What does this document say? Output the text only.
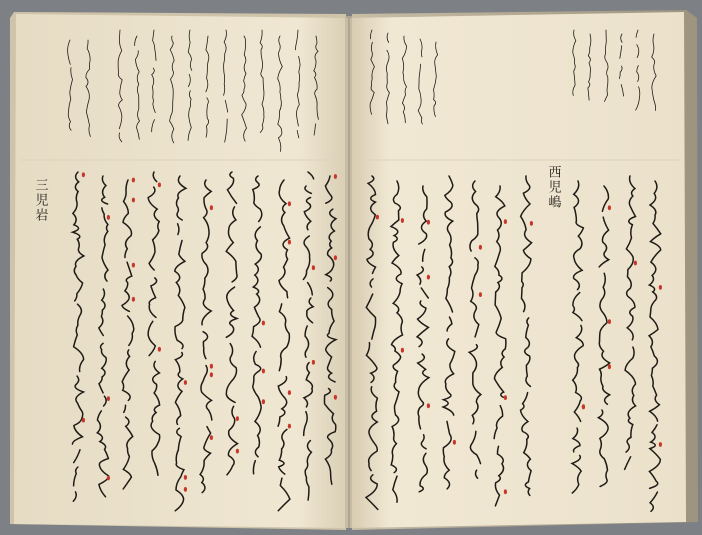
三児岩	西児嶋
